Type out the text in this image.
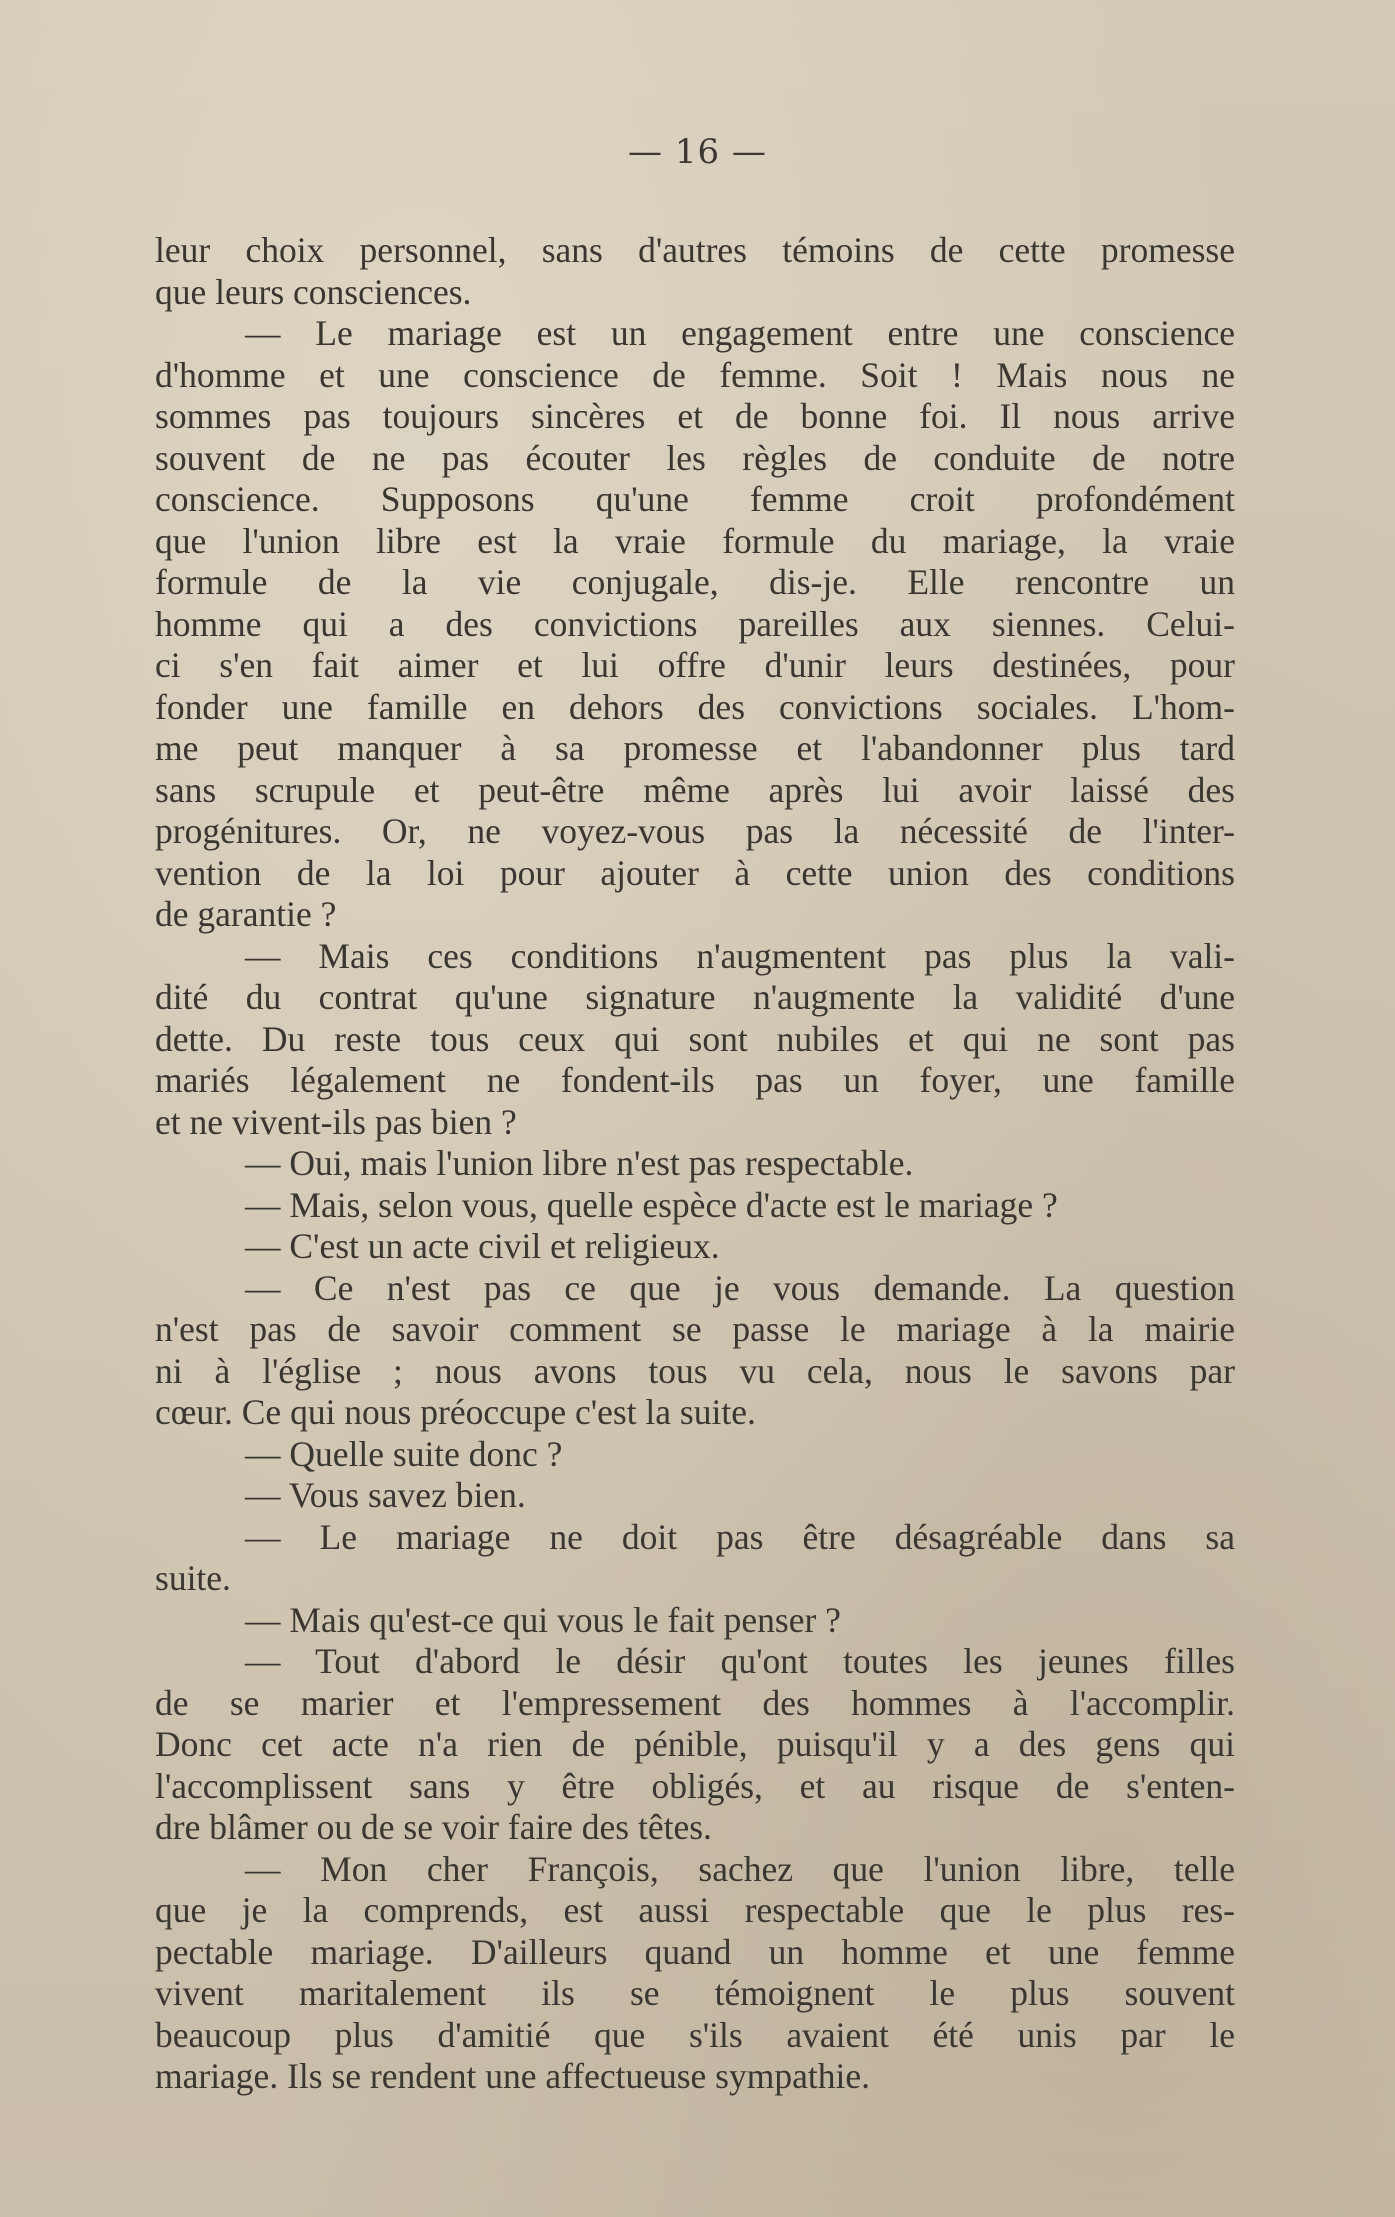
— 16 —
leur choix personnel, sans d'autres témoins de cette promesse
que leurs consciences.
— Le mariage est un engagement entre une conscience
d'homme et une conscience de femme. Soit ! Mais nous ne
sommes pas toujours sincères et de bonne foi. Il nous arrive
souvent de ne pas écouter les règles de conduite de notre
conscience. Supposons qu'une femme croit profondément
que l'union libre est la vraie formule du mariage, la vraie
formule de la vie conjugale, dis-je. Elle rencontre un
homme qui a des convictions pareilles aux siennes. Celui-
ci s'en fait aimer et lui offre d'unir leurs destinées, pour
fonder une famille en dehors des convictions sociales. L'hom-
me peut manquer à sa promesse et l'abandonner plus tard
sans scrupule et peut-être même après lui avoir laissé des
progénitures. Or, ne voyez-vous pas la nécessité de l'inter-
vention de la loi pour ajouter à cette union des conditions
de garantie ?
— Mais ces conditions n'augmentent pas plus la vali-
dité du contrat qu'une signature n'augmente la validité d'une
dette. Du reste tous ceux qui sont nubiles et qui ne sont pas
mariés légalement ne fondent-ils pas un foyer, une famille
et ne vivent-ils pas bien ?
— Oui, mais l'union libre n'est pas respectable.
— Mais, selon vous, quelle espèce d'acte est le mariage ?
— C'est un acte civil et religieux.
— Ce n'est pas ce que je vous demande. La question
n'est pas de savoir comment se passe le mariage à la mairie
ni à l'église ; nous avons tous vu cela, nous le savons par
cœur. Ce qui nous préoccupe c'est la suite.
— Quelle suite donc ?
— Vous savez bien.
— Le mariage ne doit pas être désagréable dans sa
suite.
— Mais qu'est-ce qui vous le fait penser ?
— Tout d'abord le désir qu'ont toutes les jeunes filles
de se marier et l'empressement des hommes à l'accomplir.
Donc cet acte n'a rien de pénible, puisqu'il y a des gens qui
l'accomplissent sans y être obligés, et au risque de s'enten-
dre blâmer ou de se voir faire des têtes.
— Mon cher François, sachez que l'union libre, telle
que je la comprends, est aussi respectable que le plus res-
pectable mariage. D'ailleurs quand un homme et une femme
vivent maritalement ils se témoignent le plus souvent
beaucoup plus d'amitié que s'ils avaient été unis par le
mariage. Ils se rendent une affectueuse sympathie.
